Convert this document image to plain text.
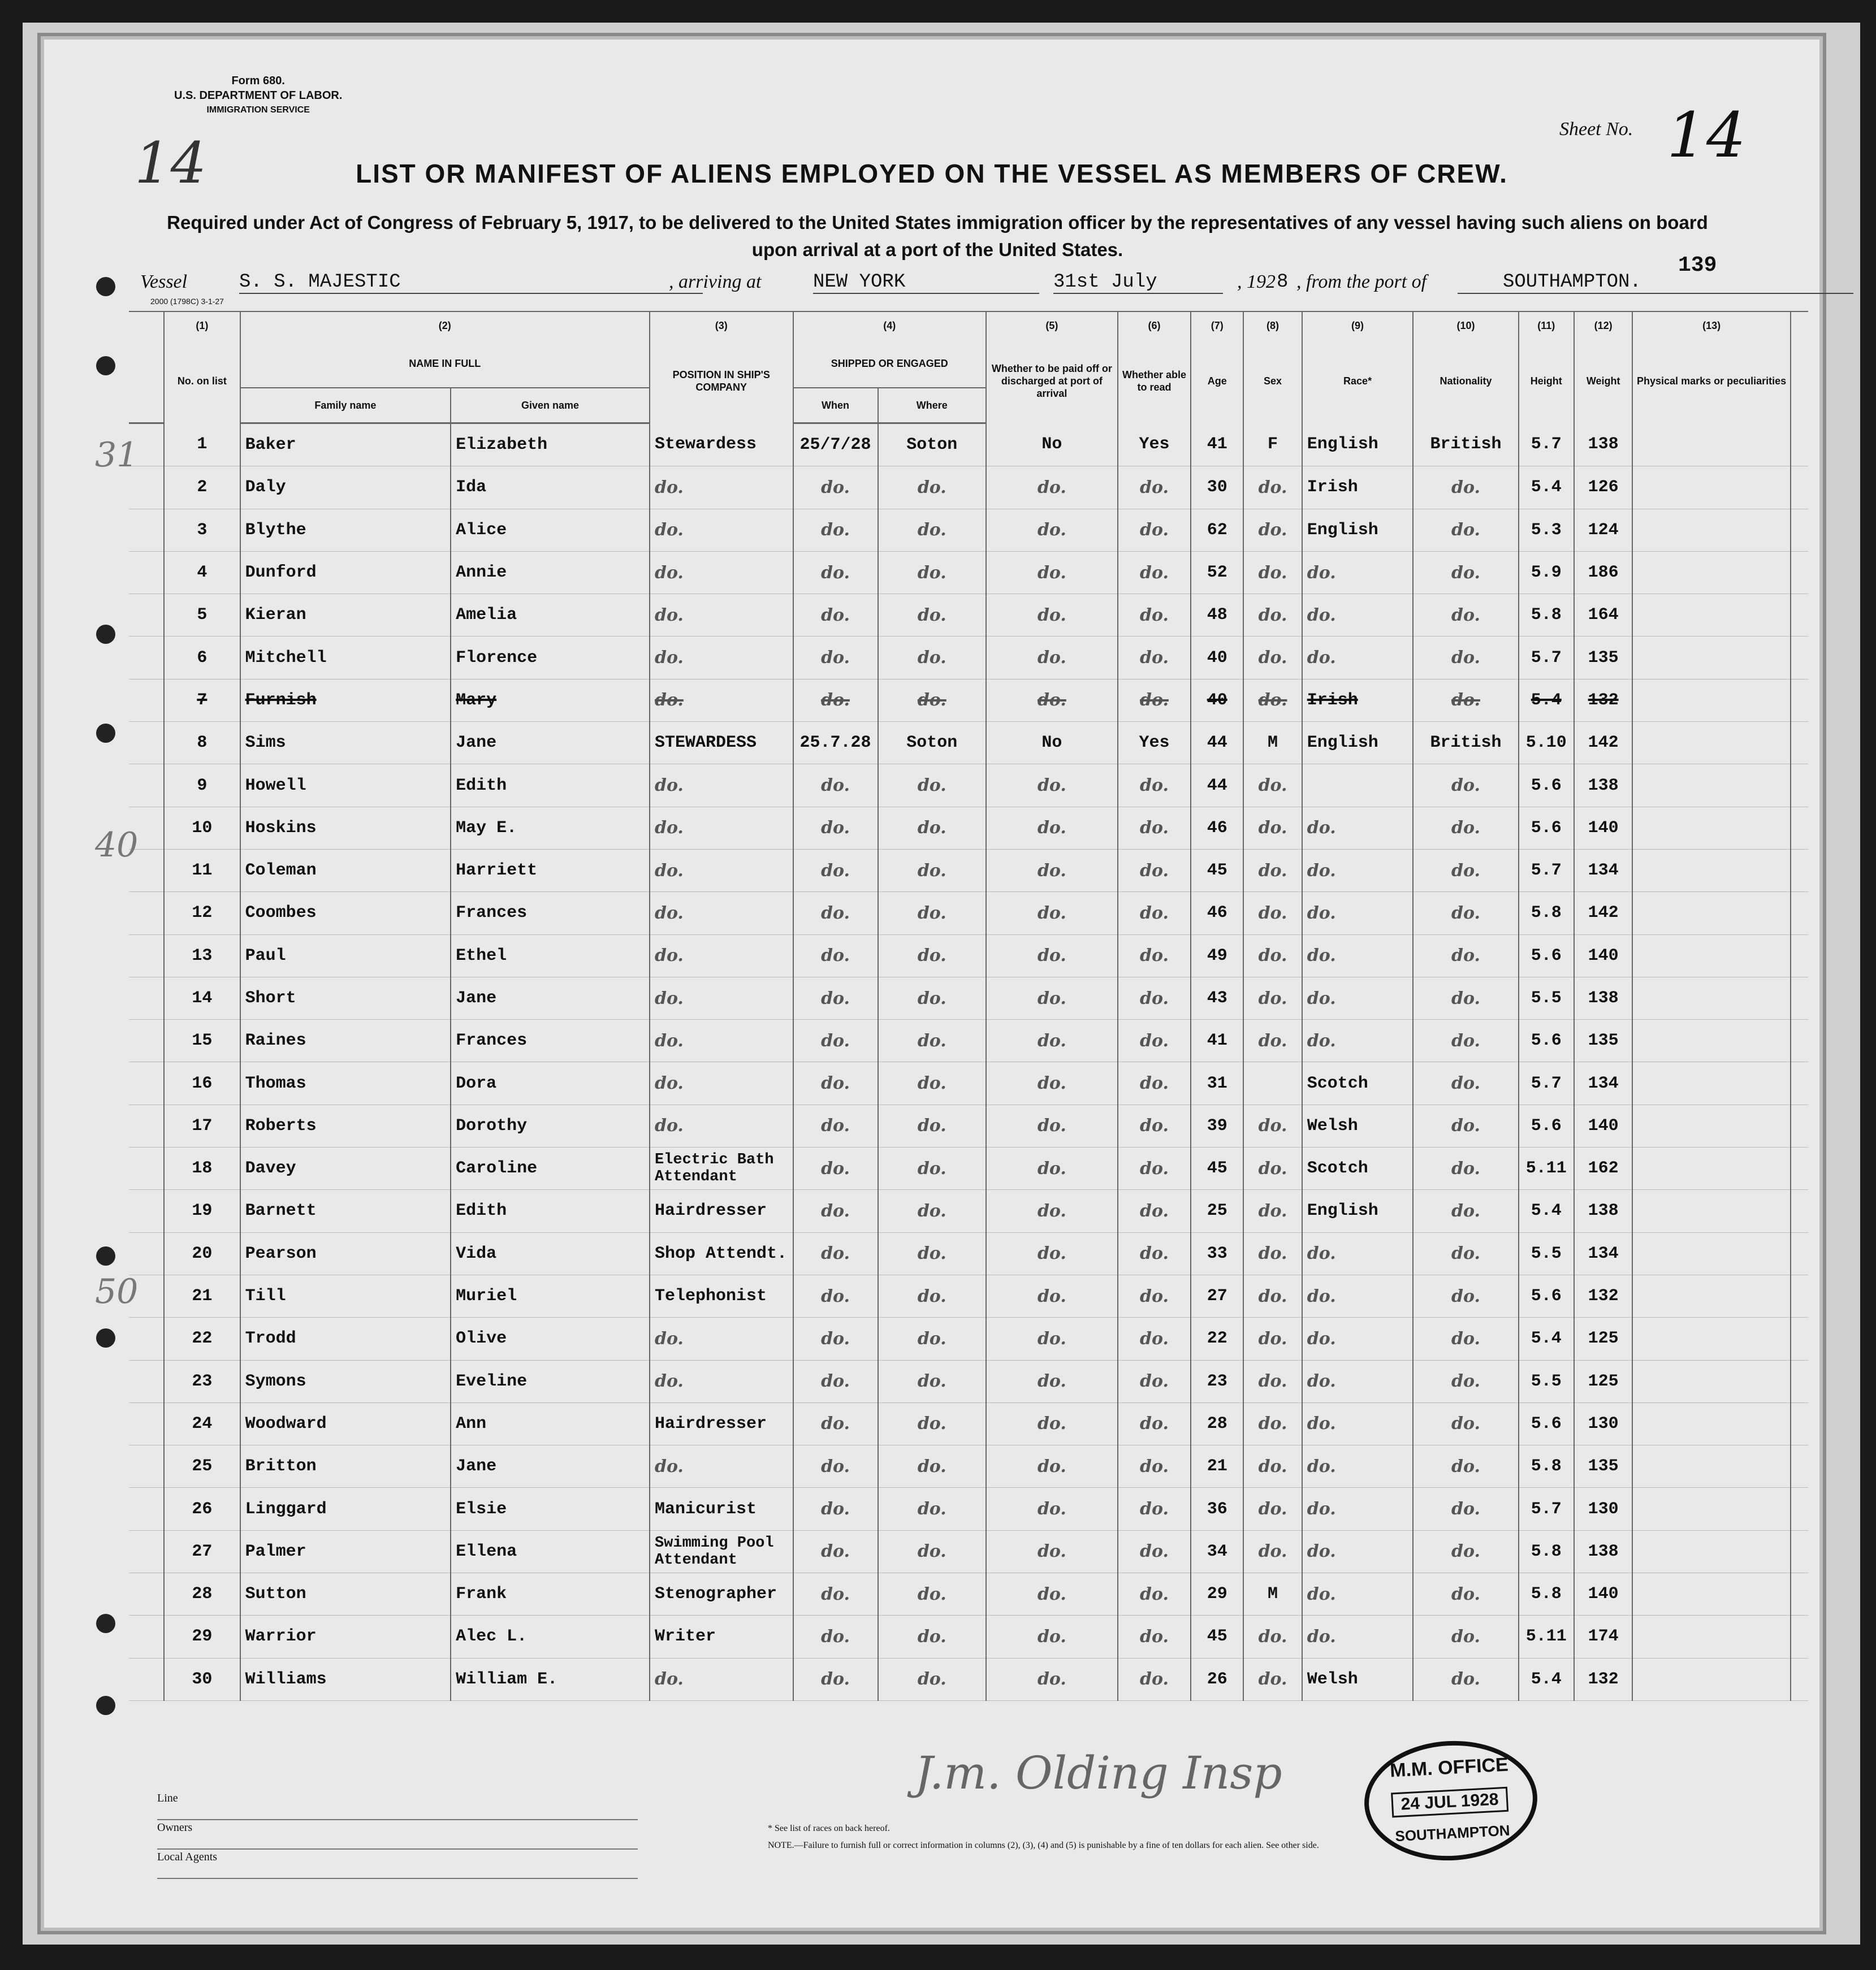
Form 680.
U.S. DEPARTMENT OF LABOR.
IMMIGRATION SERVICE
14
Sheet No. 14
LIST OR MANIFEST OF ALIENS EMPLOYED ON THE VESSEL AS MEMBERS OF CREW.
Required under Act of Congress of February 5, 1917, to be delivered to the United States immigration officer by the representatives of any vessel having such aliens on board upon arrival at a port of the United States.
139
Vessel	S. S. MAJESTIC	, arriving at	NEW YORK	31st July	, 192 8 , from the port of	SOUTHAMPTON.
2000 (1798C) 3-1-27
	(1)	(2)		(3)	(4)		(5)	(6)	(7)	(8)	(9)	(10)	(11)	(12)	(13)	
	No. on list	NAME IN FULL		POSITION IN SHIP'S COMPANY	SHIPPED OR ENGAGED		Whether to be paid off or discharged at port of arrival	Whether able to read	Age	Sex	Race*	Nationality	Height	Weight	Physical marks or peculiarities	
		Family name	Given name		When	Where										
	1	Baker	Elizabeth	Stewardess	25/7/28	Soton	No	Yes	41	F	English	British	5.7	138		
	2	Daly	Ida	do.	do.	do.	do.	do.	30	do.	Irish	do.	5.4	126		
	3	Blythe	Alice	do.	do.	do.	do.	do.	62	do.	English	do.	5.3	124		
	4	Dunford	Annie	do.	do.	do.	do.	do.	52	do.	do.	do.	5.9	186		
	5	Kieran	Amelia	do.	do.	do.	do.	do.	48	do.	do.	do.	5.8	164		
	6	Mitchell	Florence	do.	do.	do.	do.	do.	40	do.	do.	do.	5.7	135		
	7	Furnish	Mary	do.	do.	do.	do.	do.	40	do.	Irish	do.	5.4	132		
	8	Sims	Jane	STEWARDESS	25.7.28	Soton	No	Yes	44	M	English	British	5.10	142		
	9	Howell	Edith	do.	do.	do.	do.	do.	44	do.		do.	5.6	138		
	10	Hoskins	May E.	do.	do.	do.	do.	do.	46	do.	do.	do.	5.6	140		
	11	Coleman	Harriett	do.	do.	do.	do.	do.	45	do.	do.	do.	5.7	134		
	12	Coombes	Frances	do.	do.	do.	do.	do.	46	do.	do.	do.	5.8	142		
	13	Paul	Ethel	do.	do.	do.	do.	do.	49	do.	do.	do.	5.6	140		
	14	Short	Jane	do.	do.	do.	do.	do.	43	do.	do.	do.	5.5	138		
	15	Raines	Frances	do.	do.	do.	do.	do.	41	do.	do.	do.	5.6	135		
	16	Thomas	Dora	do.	do.	do.	do.	do.	31		Scotch	do.	5.7	134		
	17	Roberts	Dorothy	do.	do.	do.	do.	do.	39	do.	Welsh	do.	5.6	140		
	18	Davey	Caroline	Electric Bath Attendant	do.	do.	do.	do.	45	do.	Scotch	do.	5.11	162		
	19	Barnett	Edith	Hairdresser	do.	do.	do.	do.	25	do.	English	do.	5.4	138		
	20	Pearson	Vida	Shop Attendt.	do.	do.	do.	do.	33	do.	do.	do.	5.5	134		
	21	Till	Muriel	Telephonist	do.	do.	do.	do.	27	do.	do.	do.	5.6	132		
	22	Trodd	Olive	do.	do.	do.	do.	do.	22	do.	do.	do.	5.4	125		
	23	Symons	Eveline	do.	do.	do.	do.	do.	23	do.	do.	do.	5.5	125		
	24	Woodward	Ann	Hairdresser	do.	do.	do.	do.	28	do.	do.	do.	5.6	130		
	25	Britton	Jane	do.	do.	do.	do.	do.	21	do.	do.	do.	5.8	135		
	26	Linggard	Elsie	Manicurist	do.	do.	do.	do.	36	do.	do.	do.	5.7	130		
	27	Palmer	Ellena	Swimming Pool Attendant	do.	do.	do.	do.	34	do.	do.	do.	5.8	138		
	28	Sutton	Frank	Stenographer	do.	do.	do.	do.	29	M	do.	do.	5.8	140		
	29	Warrior	Alec L.	Writer	do.	do.	do.	do.	45	do.	do.	do.	5.11	174		
	30	Williams	William E.	do.	do.	do.	do.	do.	26	do.	Welsh	do.	5.4	132		
31
40
50
J.m. Olding Insp	M.M. OFFICE
24 JUL 1928
SOUTHAMPTON
Line
Owners
Local Agents
* See list of races on back hereof.
NOTE.—Failure to furnish full or correct information in columns (2), (3), (4) and (5) is punishable by a fine of ten dollars for each alien. See other side.
